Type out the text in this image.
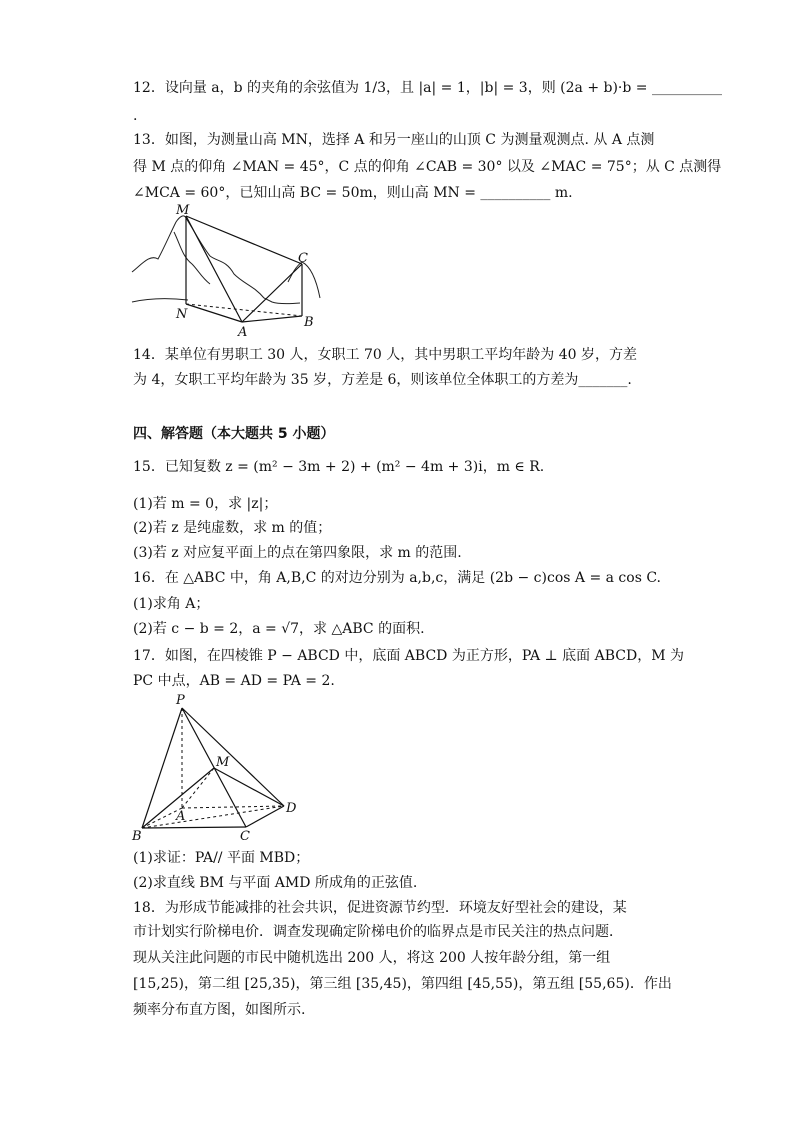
12．设向量 a，b 的夹角的余弦值为 1/3，且 |a| = 1，|b| = 3，则 (2a + b)·b = __________
.
13．如图，为测量山高 MN，选择 A 和另一座山的山顶 C 为测量观测点. 从 A 点测
得 M 点的仰角 ∠MAN = 45°，C 点的仰角 ∠CAB = 30° 以及 ∠MAC = 75°；从 C 点测得
∠MCA = 60°，已知山高 BC = 50m，则山高 MN = __________ m.
M
C
N
A
B
14．某单位有男职工 30 人，女职工 70 人，其中男职工平均年龄为 40 岁，方差
为 4，女职工平均年龄为 35 岁，方差是 6，则该单位全体职工的方差为_______.
四、解答题（本大题共 5 小题）
15．已知复数 z = (m² − 3m + 2) + (m² − 4m + 3)i，m ∈ R.
(1)若 m = 0，求 |z|；
(2)若 z 是纯虚数，求 m 的值；
(3)若 z 对应复平面上的点在第四象限，求 m 的范围.
16．在 △ABC 中，角 A,B,C 的对边分别为 a,b,c，满足 (2b − c)cos A = a cos C.
(1)求角 A；
(2)若 c − b = 2，a = √7，求 △ABC 的面积.
17．如图，在四棱锥 P − ABCD 中，底面 ABCD 为正方形，PA ⊥ 底面 ABCD，M 为
PC 中点，AB = AD = PA = 2.
P
M
D
A
B	C
(1)求证：PA// 平面 MBD；
(2)求直线 BM 与平面 AMD 所成角的正弦值.
18．为形成节能减排的社会共识，促进资源节约型．环境友好型社会的建设，某
市计划实行阶梯电价．调查发现确定阶梯电价的临界点是市民关注的热点问题．
现从关注此问题的市民中随机选出 200 人，将这 200 人按年龄分组，第一组
[15,25)，第二组 [25,35)，第三组 [35,45)，第四组 [45,55)，第五组 [55,65)．作出
频率分布直方图，如图所示.
